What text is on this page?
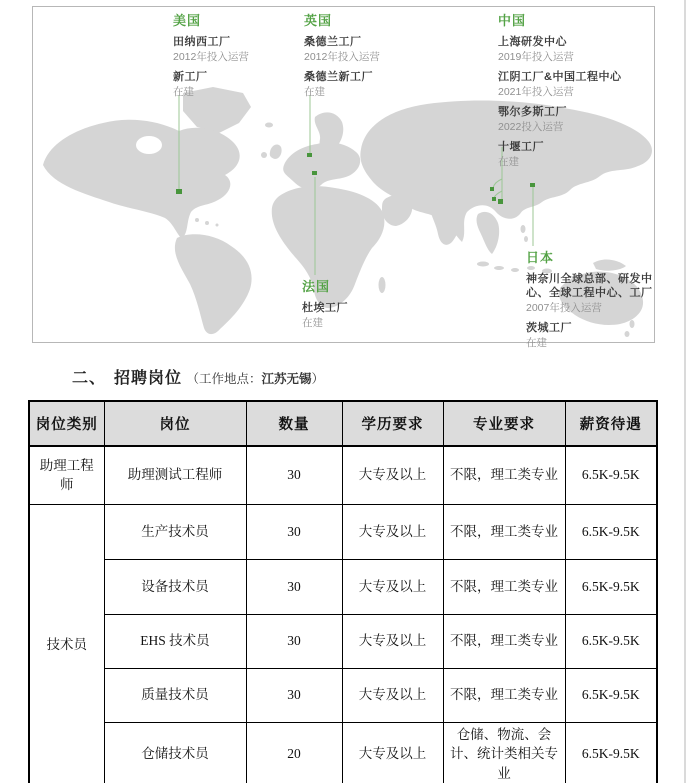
美国
田纳西工厂
2012年投入运营
新工厂
在建
英国
桑德兰工厂
2012年投入运营
桑德兰新工厂
在建
中国
上海研发中心
2019年投入运营
江阴工厂&中国工程中心
2021年投入运营
鄂尔多斯工厂
2022投入运营
十堰工厂
在建
法国
杜埃工厂
在建
日本
神奈川全球总部、研发中心、全球工程中心、工厂
2007年投入运营
茨城工厂
在建
二、 招聘岗位 （工作地点：江苏无锡）
岗位类别	岗位	数量	学历要求	专业要求	薪资待遇
助理工程师	助理测试工程师	30	大专及以上	不限，理工类专业	6.5K-9.5K
技术员	生产技术员	30	大专及以上	不限，理工类专业	6.5K-9.5K
	设备技术员	30	大专及以上	不限，理工类专业	6.5K-9.5K
	EHS 技术员	30	大专及以上	不限，理工类专业	6.5K-9.5K
	质量技术员	30	大专及以上	不限，理工类专业	6.5K-9.5K
	仓储技术员	20	大专及以上	仓储、物流、会计、统计类相关专业	6.5K-9.5K
